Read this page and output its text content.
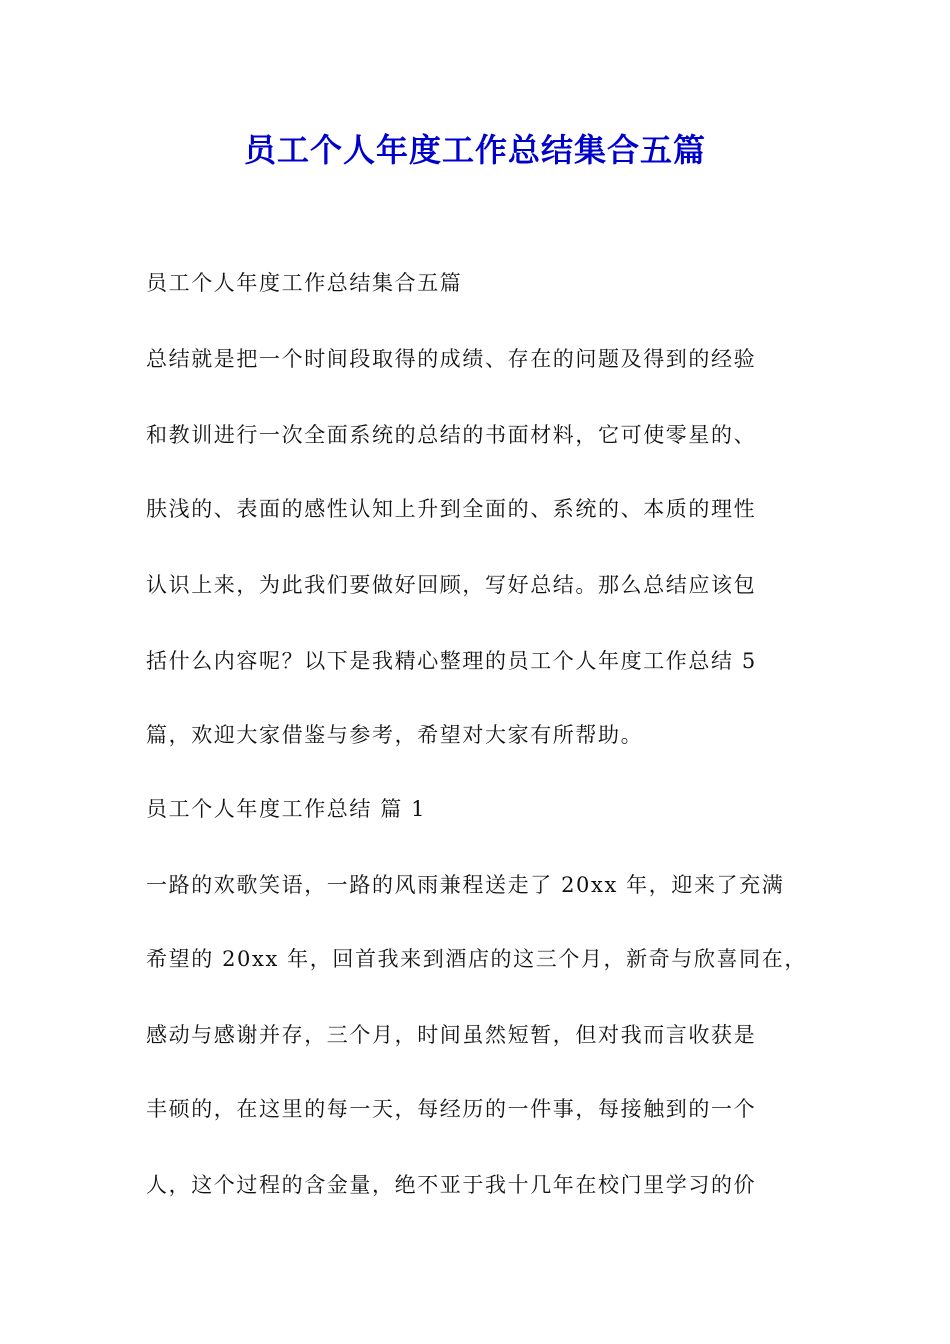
员工个人年度工作总结集合五篇
员工个人年度工作总结集合五篇
总结就是把一个时间段取得的成绩、存在的问题及得到的经验
和教训进行一次全面系统的总结的书面材料，它可使零星的、
肤浅的、表面的感性认知上升到全面的、系统的、本质的理性
认识上来，为此我们要做好回顾，写好总结。那么总结应该包
括什么内容呢？以下是我精心整理的员工个人年度工作总结 5
篇，欢迎大家借鉴与参考，希望对大家有所帮助。
员工个人年度工作总结 篇 1
一路的欢歌笑语，一路的风雨兼程送走了 20xx 年，迎来了充满
希望的 20xx 年，回首我来到酒店的这三个月，新奇与欣喜同在，
感动与感谢并存，三个月，时间虽然短暂，但对我而言收获是
丰硕的，在这里的每一天，每经历的一件事，每接触到的一个
人，这个过程的含金量，绝不亚于我十几年在校门里学习的价
